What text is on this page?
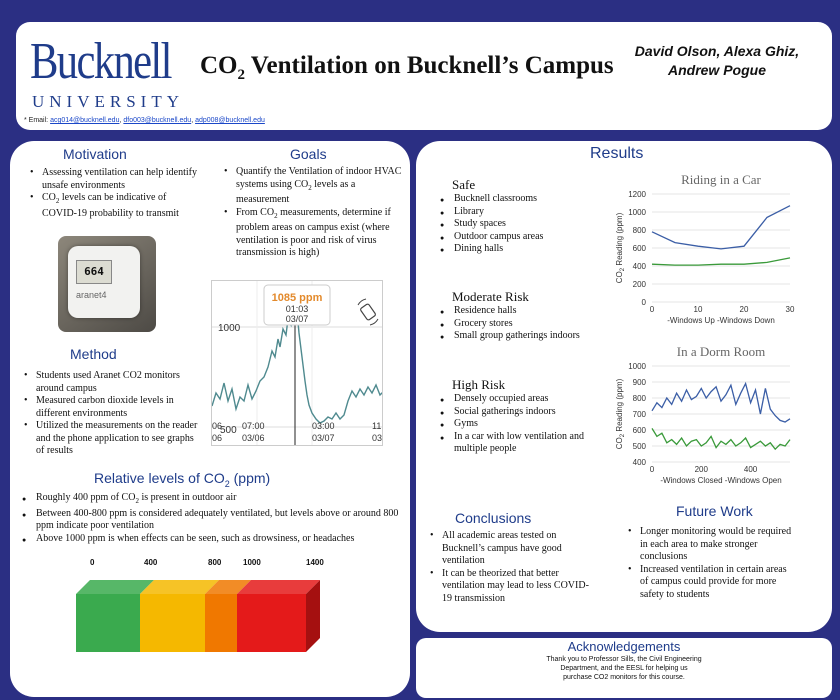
Bucknell
UNIVERSITY
$CO_2$ Ventilation on Bucknell’s Campus
David Olson, Alexa Ghiz, Andrew Pogue
* Email: acg014@bucknell.edu, dfo003@bucknell.edu, adp008@bucknell.edu
Motivation
• Assessing ventilation can help identify unsafe environments
• $CO_2$ levels can be indicative of COVID-19 probability to transmit
664
aranet4
Goals
• Quantify the Ventilation of indoor HVAC systems using $CO_2$ levels as a measurement
• From $CO_2$ measurements, determine if problem areas on campus exist (where ventilation is poor and risk of virus transmission is high)
Method
• Students used Aranet CO2 monitors around campus
• Measured carbon dioxide levels in different environments
• Utilized the measurements on the reader and the phone application to see graphs of results
1085 ppm
01:03
03/07
1000
500
06
06
07:00
03/06
03:00
03/07
11
03
Relative levels of $CO_2$ (ppm)
● Roughly 400 ppm of $CO_2$ is present in outdoor air
● Between 400-800 ppm is considered adequately ventilated, but levels above or around 800 ppm indicate poor ventilation
● Above 1000 ppm is when effects can be seen, such as drowsiness, or headaches
0	400	800	1000	1400
Results
Safe
● Bucknell classrooms
● Library
● Study spaces
● Outdoor campus areas
● Dining halls
Moderate Risk
● Residence halls
● Grocery stores
● Small group gatherings indoors
High Risk
● Densely occupied areas
● Social gatherings indoors
● Gyms
● In a car with low ventilation and multiple people
Riding in a Car
0
200
400
600
800
1000
1200
0	10	20	30
$CO_2$ Reading (ppm)
-Windows Up -Windows Down
In a Dorm Room
400
500
600
700
800
900
1000
0	200	400
$CO_2$ Reading (ppm)
-Windows Closed -Windows Open
Conclusions
• All academic areas tested on Bucknell’s campus have good ventilation
• It can be theorized that better ventilation may lead to less COVID-19 transmission
Future Work
• Longer monitoring would be required in each area to make stronger conclusions
• Increased ventilation in certain areas of campus could provide for more safety to students
Acknowledgements
Thank you to Professor Sills, the Civil Engineering
Department, and the EESL for helping us
purchase CO2 monitors for this course.
